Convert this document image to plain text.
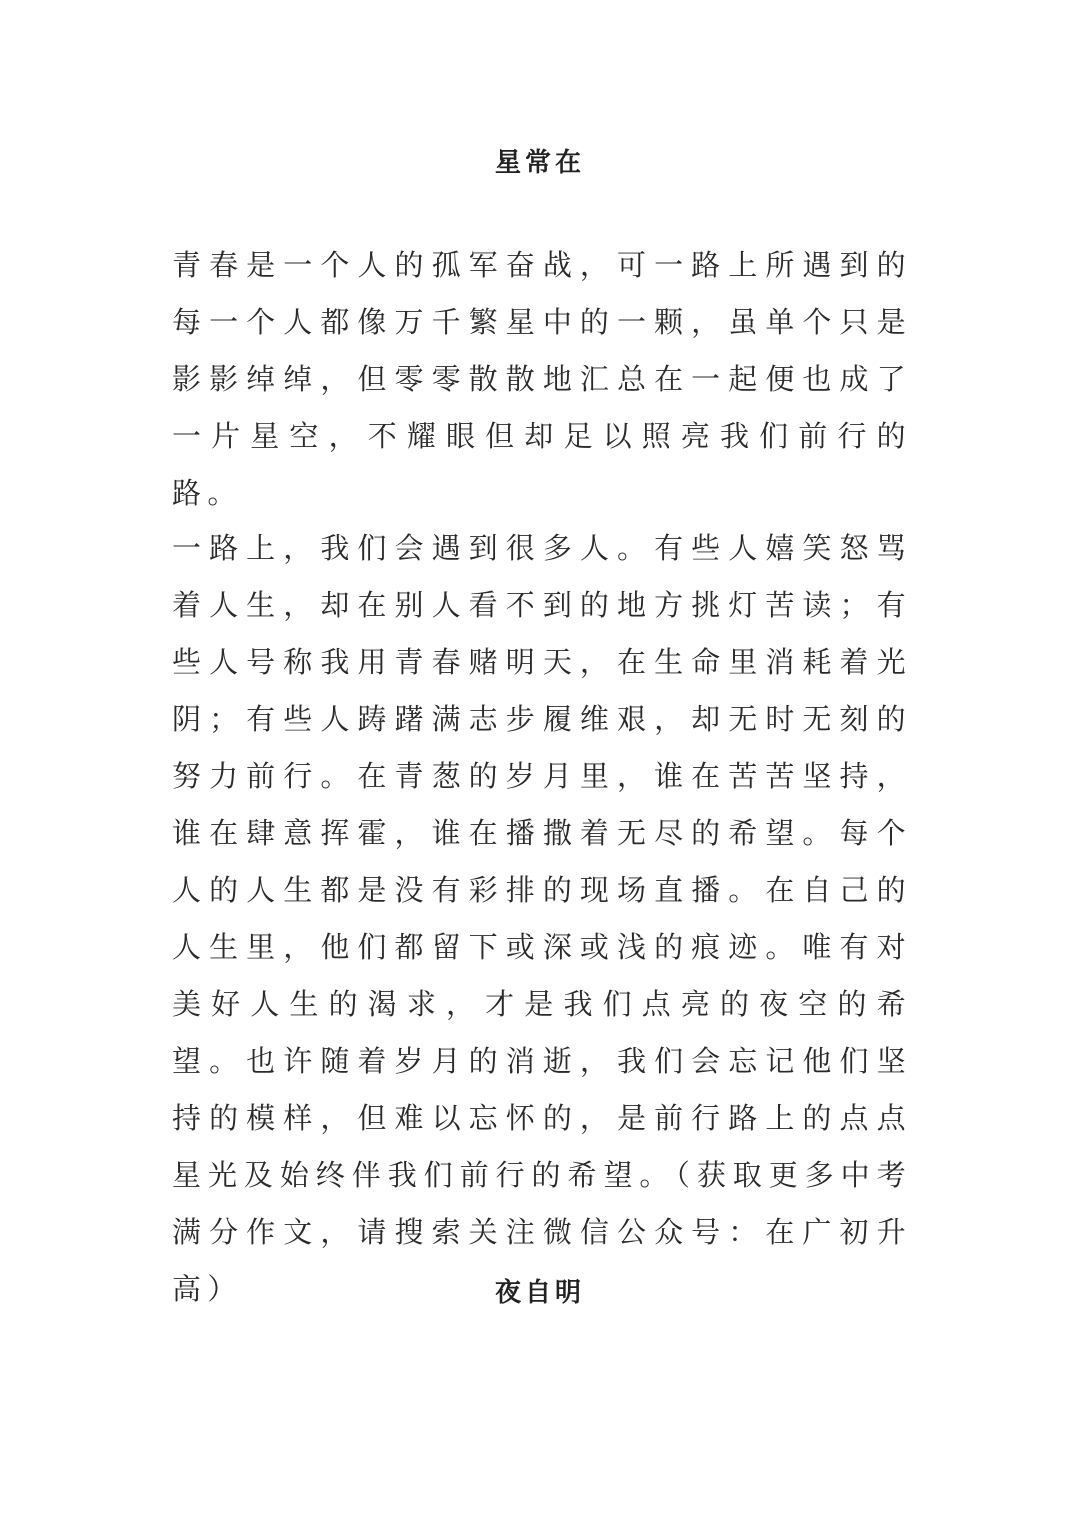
星常在

青春是一个人的孤军奋战，可一路上所遇到的每一个人都像万千繁星中的一颗，虽单个只是影影绰绰，但零零散散地汇总在一起便也成了一片星空，不耀眼但却足以照亮我们前行的路。

一路上，我们会遇到很多人。有些人嬉笑怒骂着人生，却在别人看不到的地方挑灯苦读；有些人号称我用青春赌明天，在生命里消耗着光阴；有些人踌躇满志步履维艰，却无时无刻的努力前行。在青葱的岁月里，谁在苦苦坚持，谁在肆意挥霍，谁在播撒着无尽的希望。每个人的人生都是没有彩排的现场直播。在自己的人生里，他们都留下或深或浅的痕迹。唯有对美好人生的渴求，才是我们点亮的夜空的希望。也许随着岁月的消逝，我们会忘记他们坚持的模样，但难以忘怀的，是前行路上的点点星光及始终伴我们前行的希望。（获取更多中考满分作文，请搜索关注微信公众号：在广初升高）	夜自明
